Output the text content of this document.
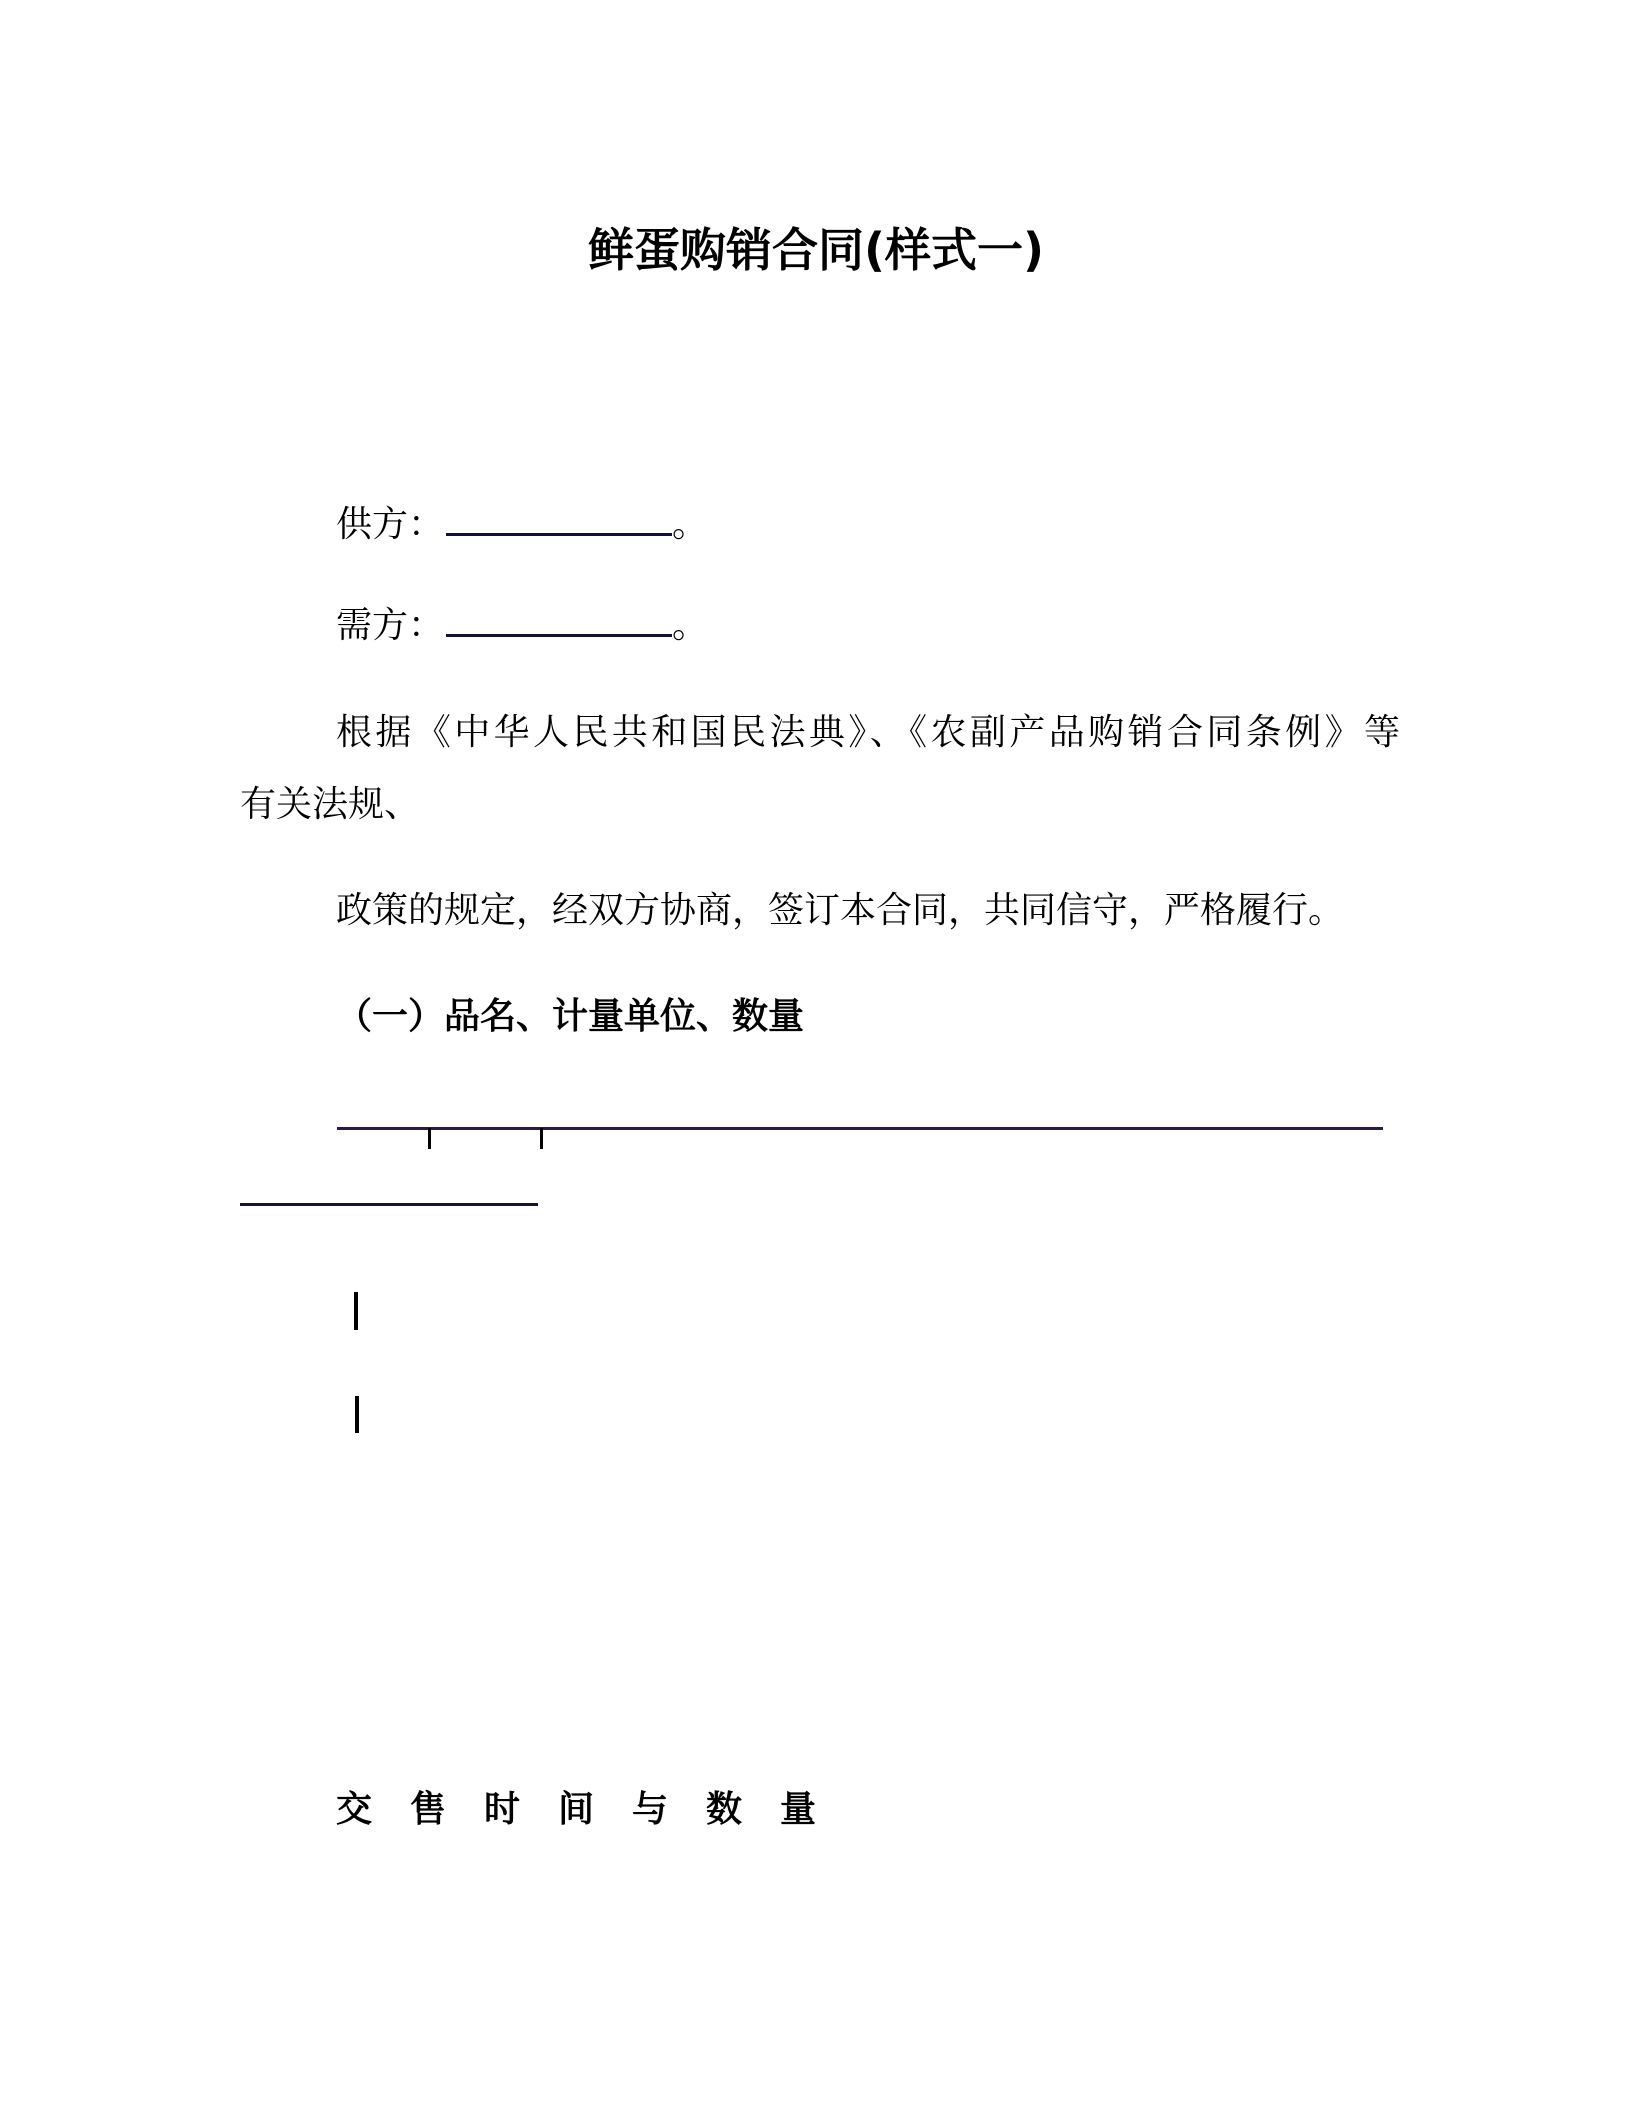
鲜蛋购销合同(样式一)

供方：	。

需方：	。

根据《中华人民共和国民法典》、《农副产品购销合同条例》等

有关法规、

政策的规定，经双方协商，签订本合同，共同信守，严格履行。

（一）品名、计量单位、数量

交售时间与数量
